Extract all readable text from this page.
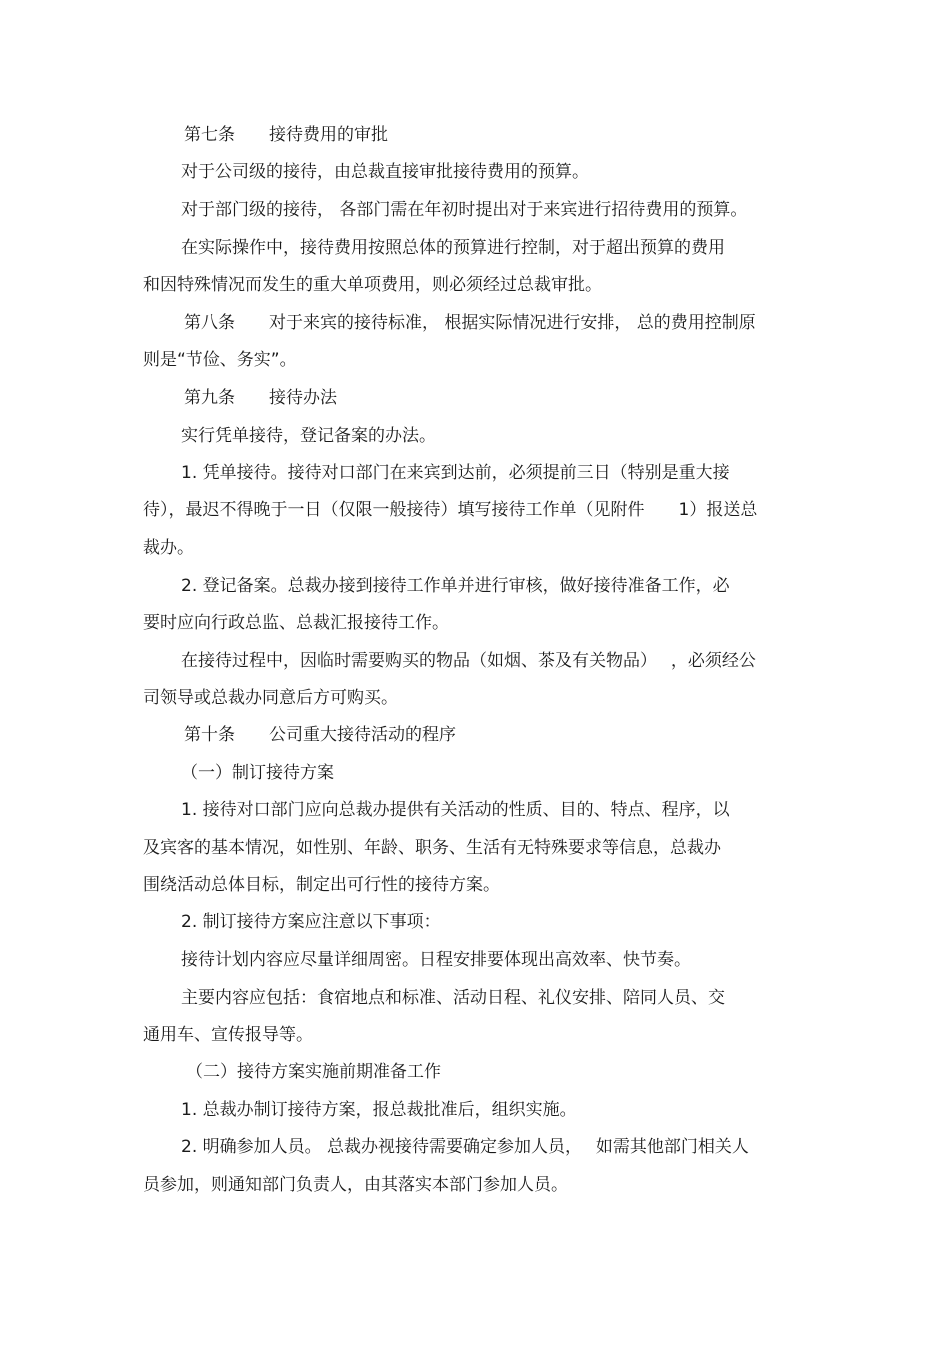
第七条　　接待费用的审批
对于公司级的接待，由总裁直接审批接待费用的预算。
对于部门级的接待， 各部门需在年初时提出对于来宾进行招待费用的预算。
在实际操作中，接待费用按照总体的预算进行控制，对于超出预算的费用
和因特殊情况而发生的重大单项费用，则必须经过总裁审批。
第八条　　对于来宾的接待标准， 根据实际情况进行安排， 总的费用控制原
则是“节俭、务实”。
第九条　　接待办法
实行凭单接待，登记备案的办法。
1. 凭单接待。接待对口部门在来宾到达前，必须提前三日（特别是重大接
待），最迟不得晚于一日（仅限一般接待）填写接待工作单（见附件　　1）报送总
裁办。
2. 登记备案。总裁办接到接待工作单并进行审核，做好接待准备工作，必
要时应向行政总监、总裁汇报接待工作。
在接待过程中，因临时需要购买的物品（如烟、茶及有关物品）　 ，必须经公
司领导或总裁办同意后方可购买。
第十条　　公司重大接待活动的程序
（一）制订接待方案
1. 接待对口部门应向总裁办提供有关活动的性质、目的、特点、程序，以
及宾客的基本情况，如性别、年龄、职务、生活有无特殊要求等信息，总裁办
围绕活动总体目标，制定出可行性的接待方案。
2. 制订接待方案应注意以下事项：
接待计划内容应尽量详细周密。日程安排要体现出高效率、快节奏。
主要内容应包括：食宿地点和标准、活动日程、礼仪安排、陪同人员、交
通用车、宣传报导等。
（二）接待方案实施前期准备工作
1. 总裁办制订接待方案，报总裁批准后，组织实施。
2. 明确参加人员。 总裁办视接待需要确定参加人员，　 如需其他部门相关人
员参加，则通知部门负责人，由其落实本部门参加人员。
